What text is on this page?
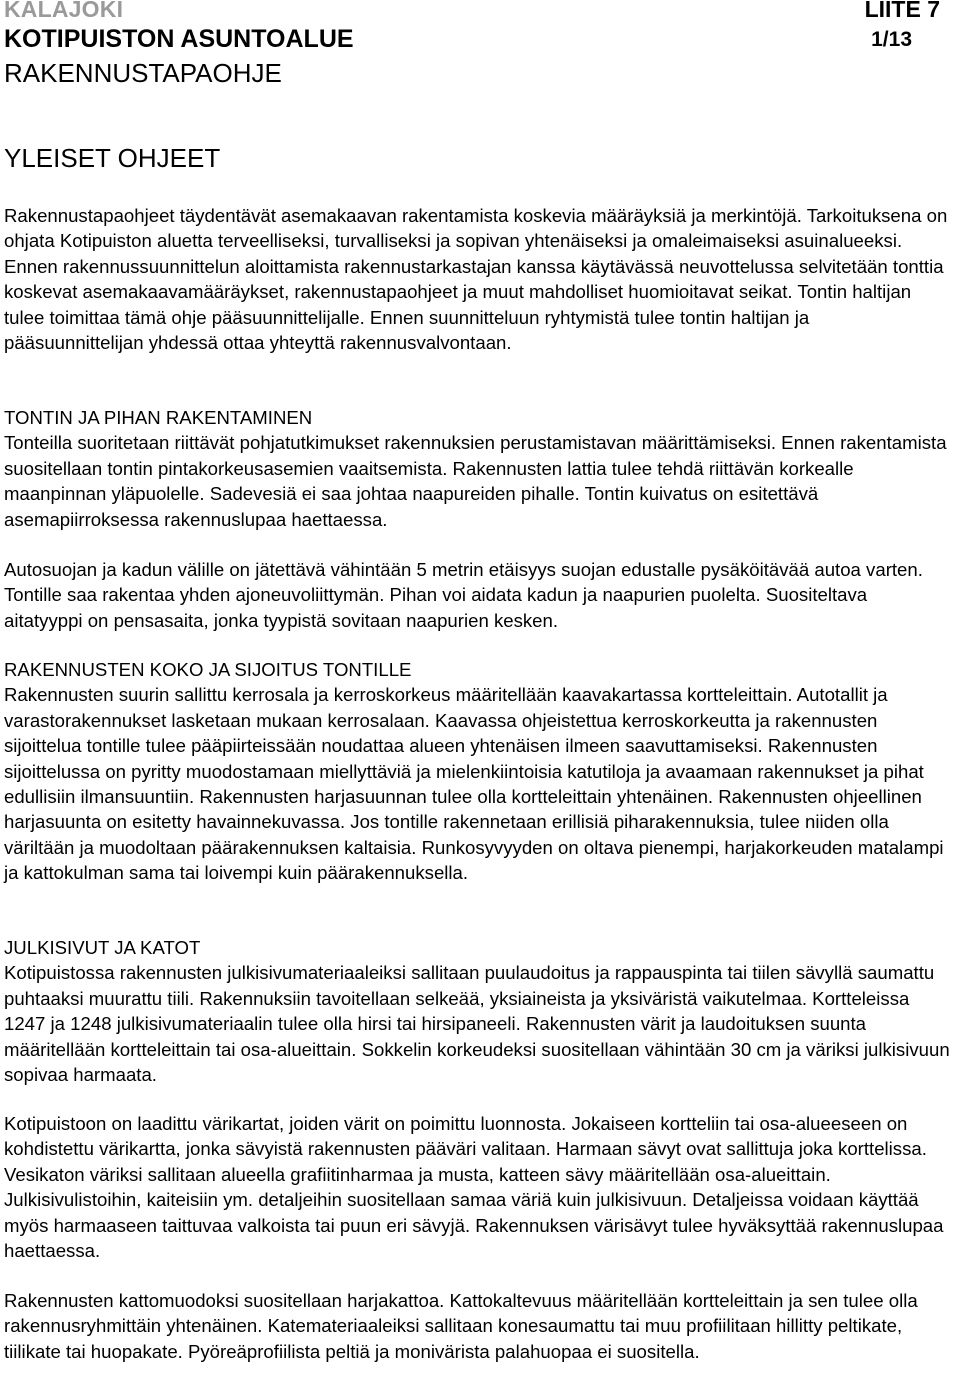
KALAJOKI	LIITE 7
KOTIPUISTON ASUNTOALUE	1/13
RAKENNUSTAPAOHJE
YLEISET OHJEET

Rakennustapaohjeet täydentävät asemakaavan rakentamista koskevia määräyksiä ja merkintöjä. Tarkoituksena on ohjata Kotipuiston aluetta terveelliseksi, turvalliseksi ja sopivan yhtenäiseksi ja omaleimaiseksi asuinalueeksi. Ennen rakennussuunnittelun aloittamista rakennustarkastajan kanssa käytävässä neuvottelussa selvitetään tonttia koskevat asemakaavamääräykset, rakennustapaohjeet ja muut mahdolliset huomioitavat seikat. Tontin haltijan tulee toimittaa tämä ohje pääsuunnittelijalle. Ennen suunnitteluun ryhtymistä tulee tontin haltijan ja pääsuunnittelijan yhdessä ottaa yhteyttä rakennusvalvontaan.

TONTIN JA PIHAN RAKENTAMINEN

Tonteilla suoritetaan riittävät pohjatutkimukset rakennuksien perustamistavan määrittämiseksi. Ennen rakentamista suositellaan tontin pintakorkeusasemien vaaitsemista. Rakennusten lattia tulee tehdä riittävän korkealle maanpinnan yläpuolelle. Sadevesiä ei saa johtaa naapureiden pihalle. Tontin kuivatus on esitettävä asemapiirroksessa rakennuslupaa haettaessa.

Autosuojan ja kadun välille on jätettävä vähintään 5 metrin etäisyys suojan edustalle pysäköitävää autoa varten. Tontille saa rakentaa yhden ajoneuvoliittymän. Pihan voi aidata kadun ja naapurien puolelta. Suositeltava aitatyyppi on pensasaita, jonka tyypistä sovitaan naapurien kesken.

RAKENNUSTEN KOKO JA SIJOITUS TONTILLE

Rakennusten suurin sallittu kerrosala ja kerroskorkeus määritellään kaavakartassa kortteleittain. Autotallit ja varastorakennukset lasketaan mukaan kerrosalaan. Kaavassa ohjeistettua kerroskorkeutta ja rakennusten sijoittelua tontille tulee pääpiirteissään noudattaa alueen yhtenäisen ilmeen saavuttamiseksi. Rakennusten sijoittelussa on pyritty muodostamaan miellyttäviä ja mielenkiintoisia katutiloja ja avaamaan rakennukset ja pihat edullisiin ilmansuuntiin. Rakennusten harjasuunnan tulee olla kortteleittain yhtenäinen. Rakennusten ohjeellinen harjasuunta on esitetty havainnekuvassa. Jos tontille rakennetaan erillisiä piharakennuksia, tulee niiden olla väriltään ja muodoltaan päärakennuksen kaltaisia. Runkosyvyyden on oltava pienempi, harjakorkeuden matalampi ja kattokulman sama tai loivempi kuin päärakennuksella.

JULKISIVUT JA KATOT

Kotipuistossa rakennusten julkisivumateriaaleiksi sallitaan puulaudoitus ja rappauspinta tai tiilen sävyllä saumattu puhtaaksi muurattu tiili. Rakennuksiin tavoitellaan selkeää, yksiaineista ja yksiväristä vaikutelmaa. Kortteleissa 1247 ja 1248 julkisivumateriaalin tulee olla hirsi tai hirsipaneeli. Rakennusten värit ja laudoituksen suunta määritellään kortteleittain tai osa-alueittain. Sokkelin korkeudeksi suositellaan vähintään 30 cm ja väriksi julkisivuun sopivaa harmaata.

Kotipuistoon on laadittu värikartat, joiden värit on poimittu luonnosta. Jokaiseen kortteliin tai osa-alueeseen on kohdistettu värikartta, jonka sävyistä rakennusten pääväri valitaan. Harmaan sävyt ovat sallittuja joka korttelissa. Vesikaton väriksi sallitaan alueella grafiitinharmaa ja musta, katteen sävy määritellään osa-alueittain. Julkisivulistoihin, kaiteisiin ym. detaljeihin suositellaan samaa väriä kuin julkisivuun. Detaljeissa voidaan käyttää myös harmaaseen taittuvaa valkoista tai puun eri sävyjä. Rakennuksen värisävyt tulee hyväksyttää rakennuslupaa haettaessa.

Rakennusten kattomuodoksi suositellaan harjakattoa. Kattokaltevuus määritellään kortteleittain ja sen tulee olla rakennusryhmittäin yhtenäinen. Katemateriaaleiksi sallitaan konesaumattu tai muu profiilitaan hillitty peltikate, tiilikate tai huopakate. Pyöreäprofiilista peltiä ja monivärista palahuopaa ei suositella.
